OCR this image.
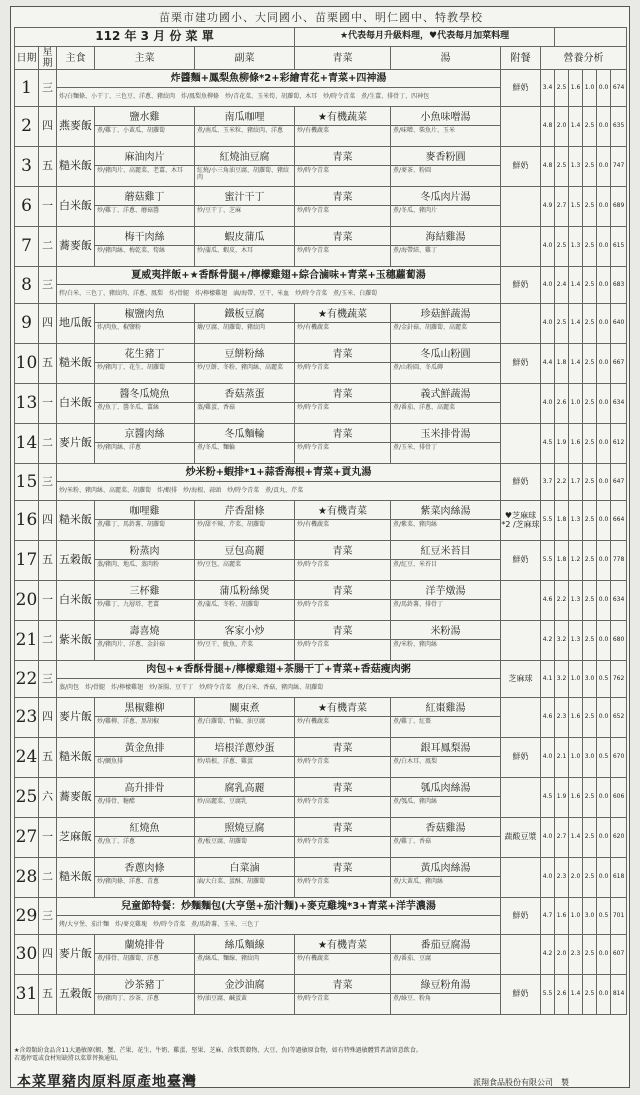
苗栗市建功國小、大同國小、苗栗國中、明仁國中、特教學校
112 年 3 月 份 菜 單					★代表每月升級料理，♥代表每月加菜料理								
日期	星期	主食	主菜	副菜	青菜	湯	附餐	營養分析					
1	三	炸醬麵+鳳梨魚柳條*2+彩繪青花+青菜+四神湯					鮮奶	3.4	2.5	1.6	1.0	0.0	674
		炸/白麵條、小干丁、三色豆、洋蔥、豬絞肉　炸/鳳梨魚柳條　炒/青花菜、玉米筍、胡蘿蔔、木耳　炒/時令青菜　煮/生薑、排骨丁、四神包											
2	四	燕麥飯	鹽水雞	南瓜咖哩	★有機蔬菜	小魚味噌湯		4.8	2.0	1.4	2.5	0.0	635
			煮/雞丁、小黃瓜、胡蘿蔔	煮/南瓜、玉米粒、豬絞肉、洋蔥	炒/有機蔬菜	煮/味噌、柴魚片、玉米							
3	五	糙米飯	麻油肉片	紅燒油豆腐	青菜	麥香粉圓	鮮奶	4.8	2.5	1.3	2.5	0.0	747
			炒/豬肉片、高麗菜、老薑、木耳	紅燒/小三角油豆腐、胡蘿蔔、豬絞肉	炒/時令青菜	煮/麥茶、粉圓							
6	一	白米飯	蘑菇雞丁	蜜汁干丁	青菜	冬瓜肉片湯		4.9	2.7	1.5	2.5	0.0	689
			炒/雞丁、洋蔥、蘑菇醬	炒/豆干丁、芝麻	炒/時令青菜	煮/冬瓜、豬肉片							
7	二	蕎麥飯	梅干肉絲	蝦皮蒲瓜	青菜	海結雞湯		4.0	2.5	1.3	2.5	0.0	615
			炒/豬肉絲、梅乾菜、筍絲	炒/蒲瓜、蝦皮、木耳	炒/時令青菜	煮/海帶結、雞丁							
8	三	夏威夷拌飯+★香酥骨腿+/檸檬雞翅+綜合滷味+青菜+玉穗蘿蔔湯					鮮奶	4.0	2.4	1.4	2.5	0.0	683
		拌/白米、三色丁、豬絞肉、洋蔥、鳳梨　炸/骨腿　炸/檸檬雞翅　滷/海帶、豆干、米血　炒/時令青菜　煮/玉米、白蘿蔔											
9	四	地瓜飯	椒鹽肉魚	鐵板豆腐	★有機蔬菜	珍菇鮮蔬湯		4.0	2.5	1.4	2.5	0.0	640
			炸/肉魚、椒鹽粉	燴/豆腐、胡蘿蔔、豬絞肉	炒/有機蔬菜	煮/金針菇、胡蘿蔔、高麗菜							
10	五	糙米飯	花生豬丁	豆餅粉絲	青菜	冬瓜山粉圓	鮮奶	4.4	1.8	1.4	2.5	0.0	667
			炒/豬肉丁、花生、胡蘿蔔	炒/豆餅、冬粉、豬肉絲、高麗菜	炒/時令青菜	煮/山粉圓、冬瓜磚							
13	一	白米飯	醬冬瓜燒魚	香菇蒸蛋	青菜	義式鮮蔬湯		4.0	2.6	1.0	2.5	0.0	634
			煮/魚丁、醬冬瓜、薑絲	蒸/雞蛋、香菇	炒/時令青菜	煮/番茄、洋蔥、高麗菜							
14	二	麥片飯	京醬肉絲	冬瓜麵輪	青菜	玉米排骨湯		4.5	1.9	1.6	2.5	0.0	612
			炒/豬肉絲、洋蔥	煮/冬瓜、麵輪	炒/時令青菜	煮/玉米、排骨丁							
15	三	炒米粉+蝦排*1+蒜香海根+青菜+貢丸湯					鮮奶	3.7	2.2	1.7	2.5	0.0	647
		炒/米粉、豬肉絲、高麗菜、胡蘿蔔　炸/蝦排　炒/海根、蒜頭　炒/時令青菜　煮/貢丸、芹菜											
16	四	糙米飯	咖哩雞	芹香甜條	★有機青菜	紫菜肉絲湯	♥芝麻球*2 /芝麻球	5.5	1.8	1.3	2.5	0.0	664
			煮/雞丁、馬鈴薯、胡蘿蔔	炒/甜不辣、芹菜、胡蘿蔔	炒/有機蔬菜	煮/紫菜、豬肉絲							
17	五	五穀飯	粉蒸肉	豆包高麗	青菜	紅豆米苔目	鮮奶	5.5	1.8	1.2	2.5	0.0	778
			蒸/豬肉、地瓜、蒸肉粉	炒/豆包、高麗菜	炒/時令青菜	煮/紅豆、米苔目							
20	一	白米飯	三杯雞	蒲瓜粉絲煲	青菜	洋芋燉湯		4.6	2.2	1.3	2.5	0.0	634
			炒/雞丁、九層塔、老薑	煮/蒲瓜、冬粉、胡蘿蔔	炒/時令青菜	煮/馬鈴薯、排骨丁							
21	二	紫米飯	壽喜燒	客家小炒	青菜	米粉湯		4.2	3.2	1.3	2.5	0.0	680
			煮/豬肉片、洋蔥、金針菇	炒/豆干、魷魚、芹菜	炒/時令青菜	煮/米粉、豬肉絲							
22	三	肉包+★香酥骨腿+/檸檬雞翅+茶腸干丁+青菜+香菇瘦肉粥					芝麻球	4.1	3.2	1.0	3.0	0.5	762
		蒸/肉包　炸/骨腿　炸/檸檬雞翅　炒/茶腸、豆干丁　炒/時令青菜　煮/白米、香菇、豬肉絲、胡蘿蔔											
23	四	麥片飯	黑椒雞柳	關東煮	★有機青菜	紅棗雞湯		4.6	2.3	1.6	2.5	0.0	652
			炒/雞柳、洋蔥、黑胡椒	煮/白蘿蔔、竹輪、油豆腐	炒/有機蔬菜	煮/雞丁、紅棗							
24	五	糙米飯	黃金魚排	培根洋蔥炒蛋	青菜	銀耳鳳梨湯	鮮奶	4.0	2.1	1.0	3.0	0.5	670
			炸/鯛魚排	炒/培根、洋蔥、雞蛋	炒/時令青菜	煮/白木耳、鳳梨							
25	六	蕎麥飯	高升排骨	腐乳高麗	青菜	瓠瓜肉絲湯		4.5	1.9	1.6	2.5	0.0	606
			煮/排骨、糖醋	炒/高麗菜、豆腐乳	炒/時令青菜	煮/瓠瓜、豬肉絲							
27	一	芝麻飯	紅燒魚	照燒豆腐	青菜	香菇雞湯	蔬酸豆漿	4.0	2.7	1.4	2.5	0.0	620
			煮/魚丁、洋蔥	煮/板豆腐、胡蘿蔔	炒/時令青菜	煮/雞丁、香菇							
28	二	糙米飯	香蔥肉條	白菜滷	青菜	黃瓜肉絲湯		4.0	2.3	2.0	2.5	0.0	618
			炒/豬肉條、洋蔥、青蔥	滷/大白菜、蛋酥、胡蘿蔔	炒/時令青菜	煮/大黃瓜、豬肉絲							
29	三	兒童節特餐：炒麵麵包(大亨堡+茄汁麵)+麥克雞塊*3+青菜+洋芋濃湯					鮮奶	4.7	1.6	1.0	3.0	0.5	701
		烤/大亨堡、茄汁麵　炸/麥克雞塊　炒/時令青菜　煮/馬鈴薯、玉米、三色丁											
30	四	麥片飯	蘭燒排骨	絲瓜麵線	★有機青菜	番茄豆腐湯		4.2	2.0	2.3	2.5	0.0	607
			煮/排骨、胡蘿蔔、洋蔥	煮/絲瓜、麵線、豬絞肉	炒/有機蔬菜	煮/番茄、豆腐							
31	五	五穀飯	沙茶豬丁	金沙油腐	青菜	綠豆粉角湯	鮮奶	5.5	2.6	1.4	2.5	0.0	814
			炒/豬肉丁、沙茶、洋蔥	炒/油豆腐、鹹蛋黃	炒/時令青菜	煮/綠豆、粉角							
★含殼類紛食品含11大過敏原(蝦、蟹、芒果、花生、牛奶、雞蛋、堅果、芝麻、含麩質穀物、大豆、魚)等過敏原食物，如有特殊過敏體質者請留意飲食。
若遇停電或食材短缺將以菜單替換通知。
本菜單豬肉原料原產地臺灣	派翔食品股份有限公司　製
